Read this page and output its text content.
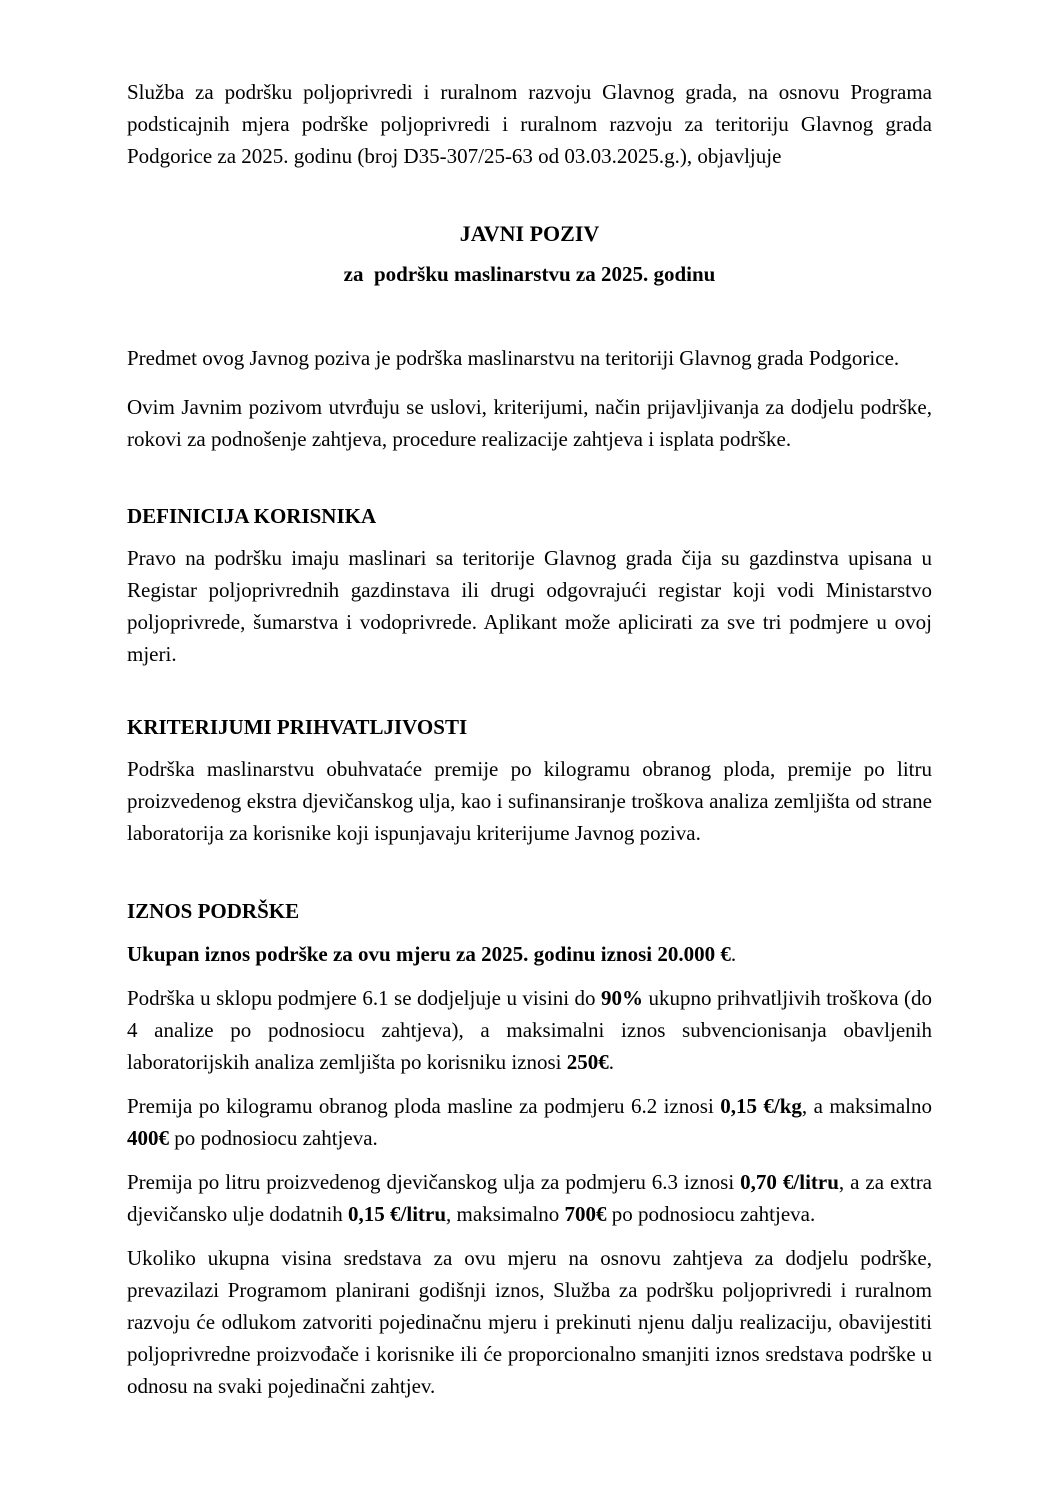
Služba za podršku poljoprivredi i ruralnom razvoju Glavnog grada, na osnovu Programa podsticajnih mjera podrške poljoprivredi i ruralnom razvoju za teritoriju Glavnog grada Podgorice za 2025. godinu (broj D35-307/25-63 od 03.03.2025.g.), objavljuje

JAVNI POZIV
za  podršku maslinarstvu za 2025. godinu

Predmet ovog Javnog poziva je podrška maslinarstvu na teritoriji Glavnog grada Podgorice.

Ovim Javnim pozivom utvrđuju se uslovi, kriterijumi, način prijavljivanja za dodjelu podrške, rokovi za podnošenje zahtjeva, procedure realizacije zahtjeva i isplata podrške.

DEFINICIJA KORISNIKA

Pravo na podršku imaju maslinari sa teritorije Glavnog grada čija su gazdinstva upisana u Registar poljoprivrednih gazdinstava ili drugi odgovrajući registar koji vodi Ministarstvo poljoprivrede, šumarstva i vodoprivrede. Aplikant može aplicirati za sve tri podmjere u ovoj mjeri.

KRITERIJUMI PRIHVATLJIVOSTI

Podrška maslinarstvu obuhvataće premije po kilogramu obranog ploda, premije po litru proizvedenog ekstra djevičanskog ulja, kao i sufinansiranje troškova analiza zemljišta od strane laboratorija za korisnike koji ispunjavaju kriterijume Javnog poziva.

IZNOS PODRŠKE

Ukupan iznos podrške za ovu mjeru za 2025. godinu iznosi 20.000 €.

Podrška u sklopu podmjere 6.1 se dodjeljuje u visini do 90% ukupno prihvatljivih troškova (do 4 analize po podnosiocu zahtjeva), a maksimalni iznos subvencionisanja obavljenih laboratorijskih analiza zemljišta po korisniku iznosi 250€.

Premija po kilogramu obranog ploda masline za podmjeru 6.2 iznosi 0,15 €/kg, a maksimalno 400€ po podnosiocu zahtjeva.

Premija po litru proizvedenog djevičanskog ulja za podmjeru 6.3 iznosi 0,70 €/litru, a za extra djevičansko ulje dodatnih 0,15 €/litru, maksimalno 700€ po podnosiocu zahtjeva.

Ukoliko ukupna visina sredstava za ovu mjeru na osnovu zahtjeva za dodjelu podrške, prevazilazi Programom planirani godišnji iznos, Služba za podršku poljoprivredi i ruralnom razvoju će odlukom zatvoriti pojedinačnu mjeru i prekinuti njenu dalju realizaciju, obavijestiti poljoprivredne proizvođače i korisnike ili će proporcionalno smanjiti iznos sredstava podrške u odnosu na svaki pojedinačni zahtjev.
